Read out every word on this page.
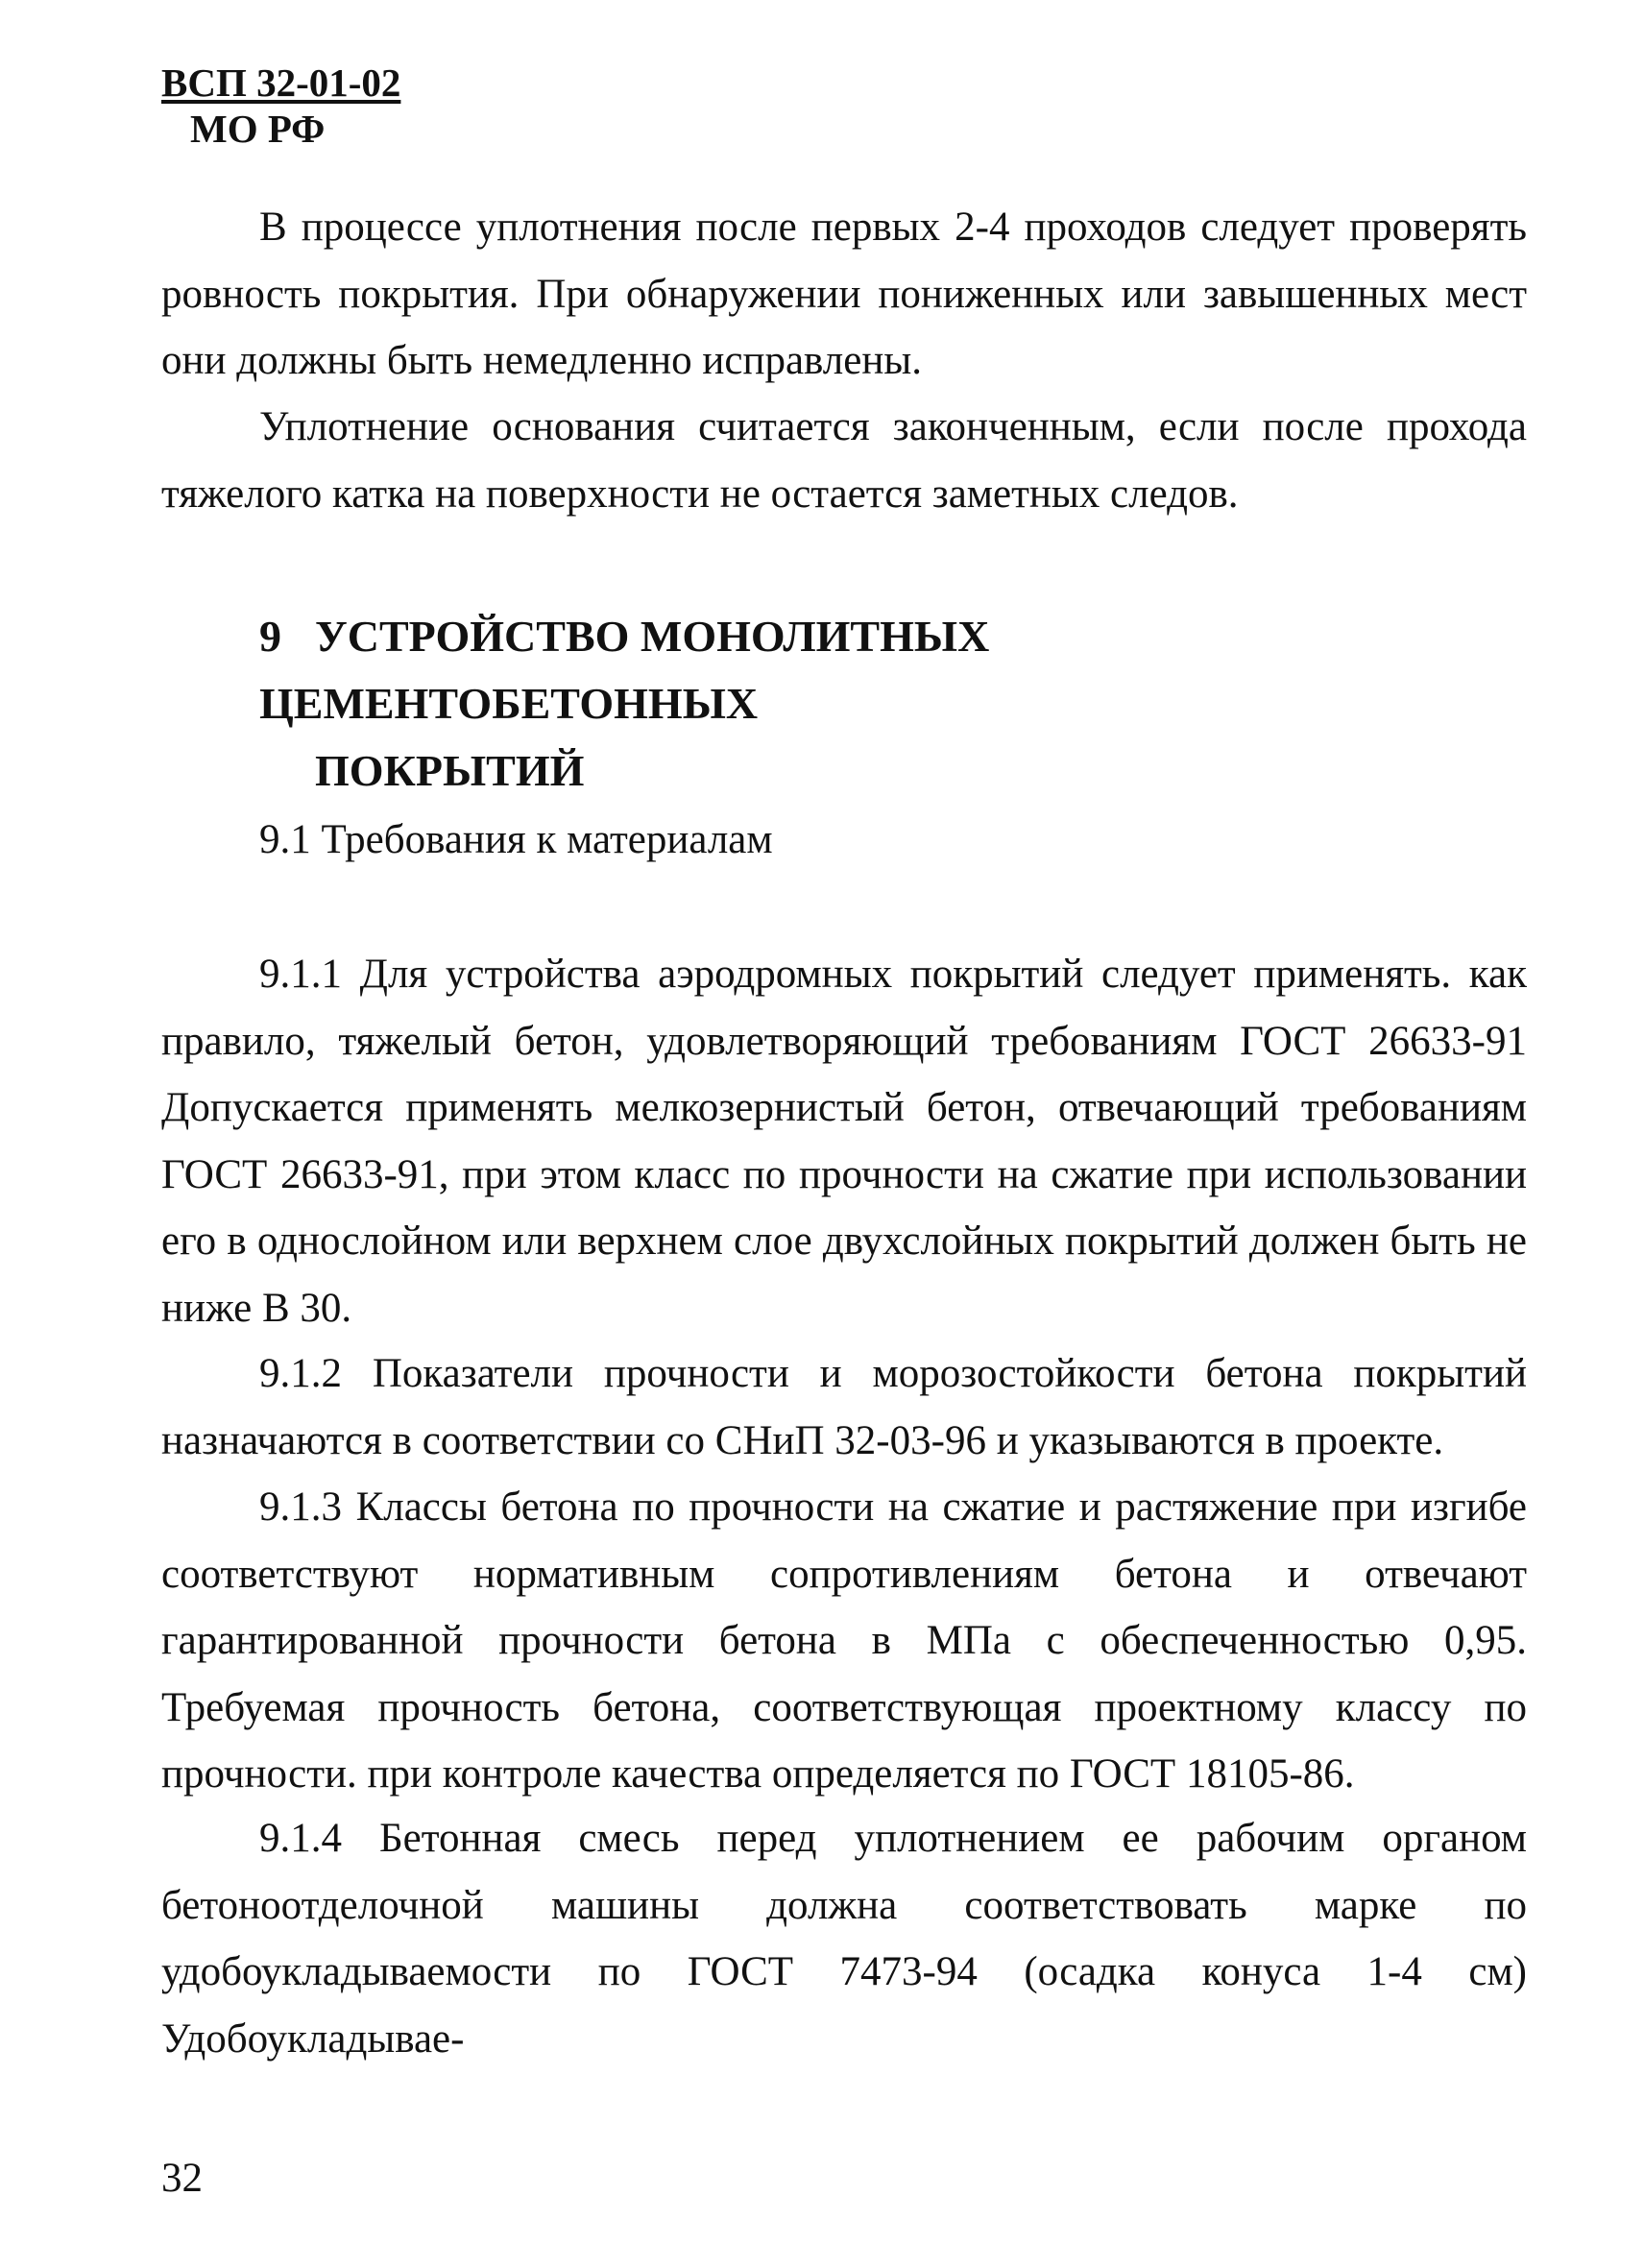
ВСП 32-01-02
МО РФ

В процессе уплотнения после первых 2-4 проходов следует проверять ровность покрытия. При обнаружении пониженных или завышенных мест они должны быть немедленно исправлены.

Уплотнение основания считается законченным, если после прохода тяжелого катка на поверхности не остается заметных следов.

9 УСТРОЙСТВО МОНОЛИТНЫХ ЦЕМЕНТОБЕТОННЫХ
ПОКРЫТИЙ

9.1 Требования к материалам

9.1.1 Для устройства аэродромных покрытий следует применять. как правило, тяжелый бетон, удовлетворяющий требованиям ГОСТ 26633-91 Допускается применять мелкозернистый бетон, отвечающий требованиям ГОСТ 26633-91, при этом класс по прочности на сжатие при использовании его в однослойном или верхнем слое двухслойных покрытий должен быть не ниже В 30.

9.1.2 Показатели прочности и морозостойкости бетона покрытий назначаются в соответствии со СНиП 32-03-96 и указываются в проекте.

9.1.3 Классы бетона по прочности на сжатие и растяжение при изгибе соответствуют нормативным сопротивлениям бетона и отвечают гарантированной прочности бетона в МПа с обеспеченностью 0,95. Требуемая прочность бетона, соответствующая проектному классу по прочности. при контроле качества определяется по ГОСТ 18105-86.

9.1.4 Бетонная смесь перед уплотнением ее рабочим органом бетоноотделочной машины должна соответствовать марке по удобоукладываемости по ГОСТ 7473-94 (осадка конуса 1-4 см) Удобоукладывае-

32
